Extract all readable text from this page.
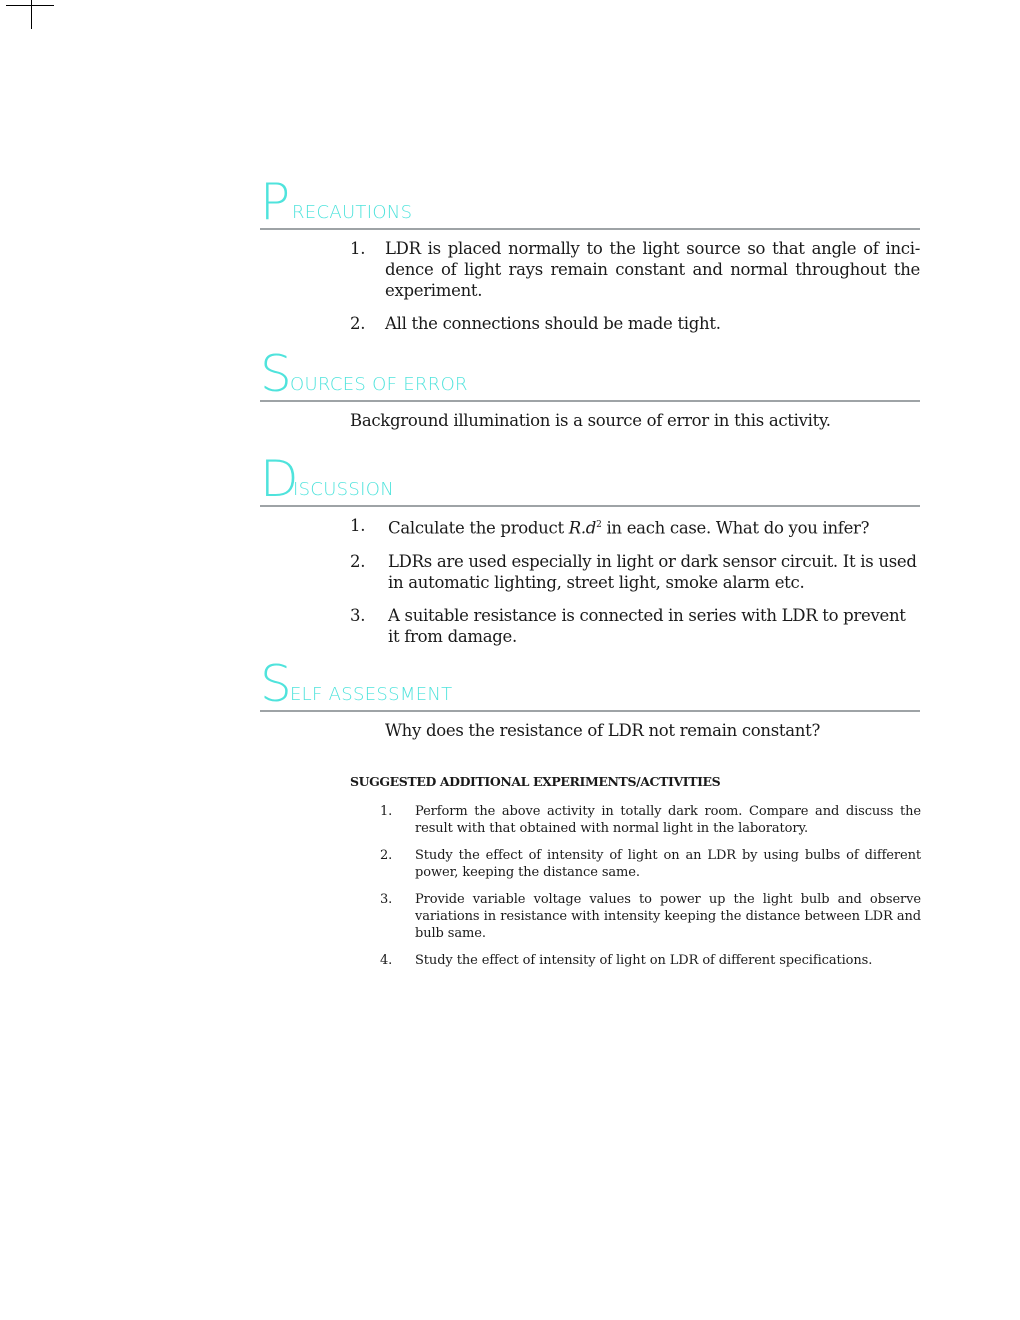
P RECAUTIONS
1. LDR is placed normally to the light source so that angle of inci-dence of light rays remain constant and normal throughout the experiment.
2. All the connections should be made tight.
S OURCES OF ERROR

Background illumination is a source of error in this activity.

D
ISCUSSION
1. Calculate the product $R.d^2$ in each case. What do you infer?
2. LDRs are used especially in light or dark sensor circuit. It is used in automatic lighting, street light, smoke alarm etc.
3. A suitable resistance is connected in series with LDR to prevent it from damage.
S ELF ASSESSMENT

Why does the resistance of LDR not remain constant?

SUGGESTED ADDITIONAL EXPERIMENTS/ACTIVITIES
1. Perform the above activity in totally dark room. Compare and discuss the result with that obtained with normal light in the laboratory.
2. Study the effect of intensity of light on an LDR by using bulbs of different power, keeping the distance same.
3. Provide variable voltage values to power up the light bulb and observe variations in resistance with intensity keeping the distance between LDR and bulb same.
4. Study the effect of intensity of light on LDR of different specifications.
